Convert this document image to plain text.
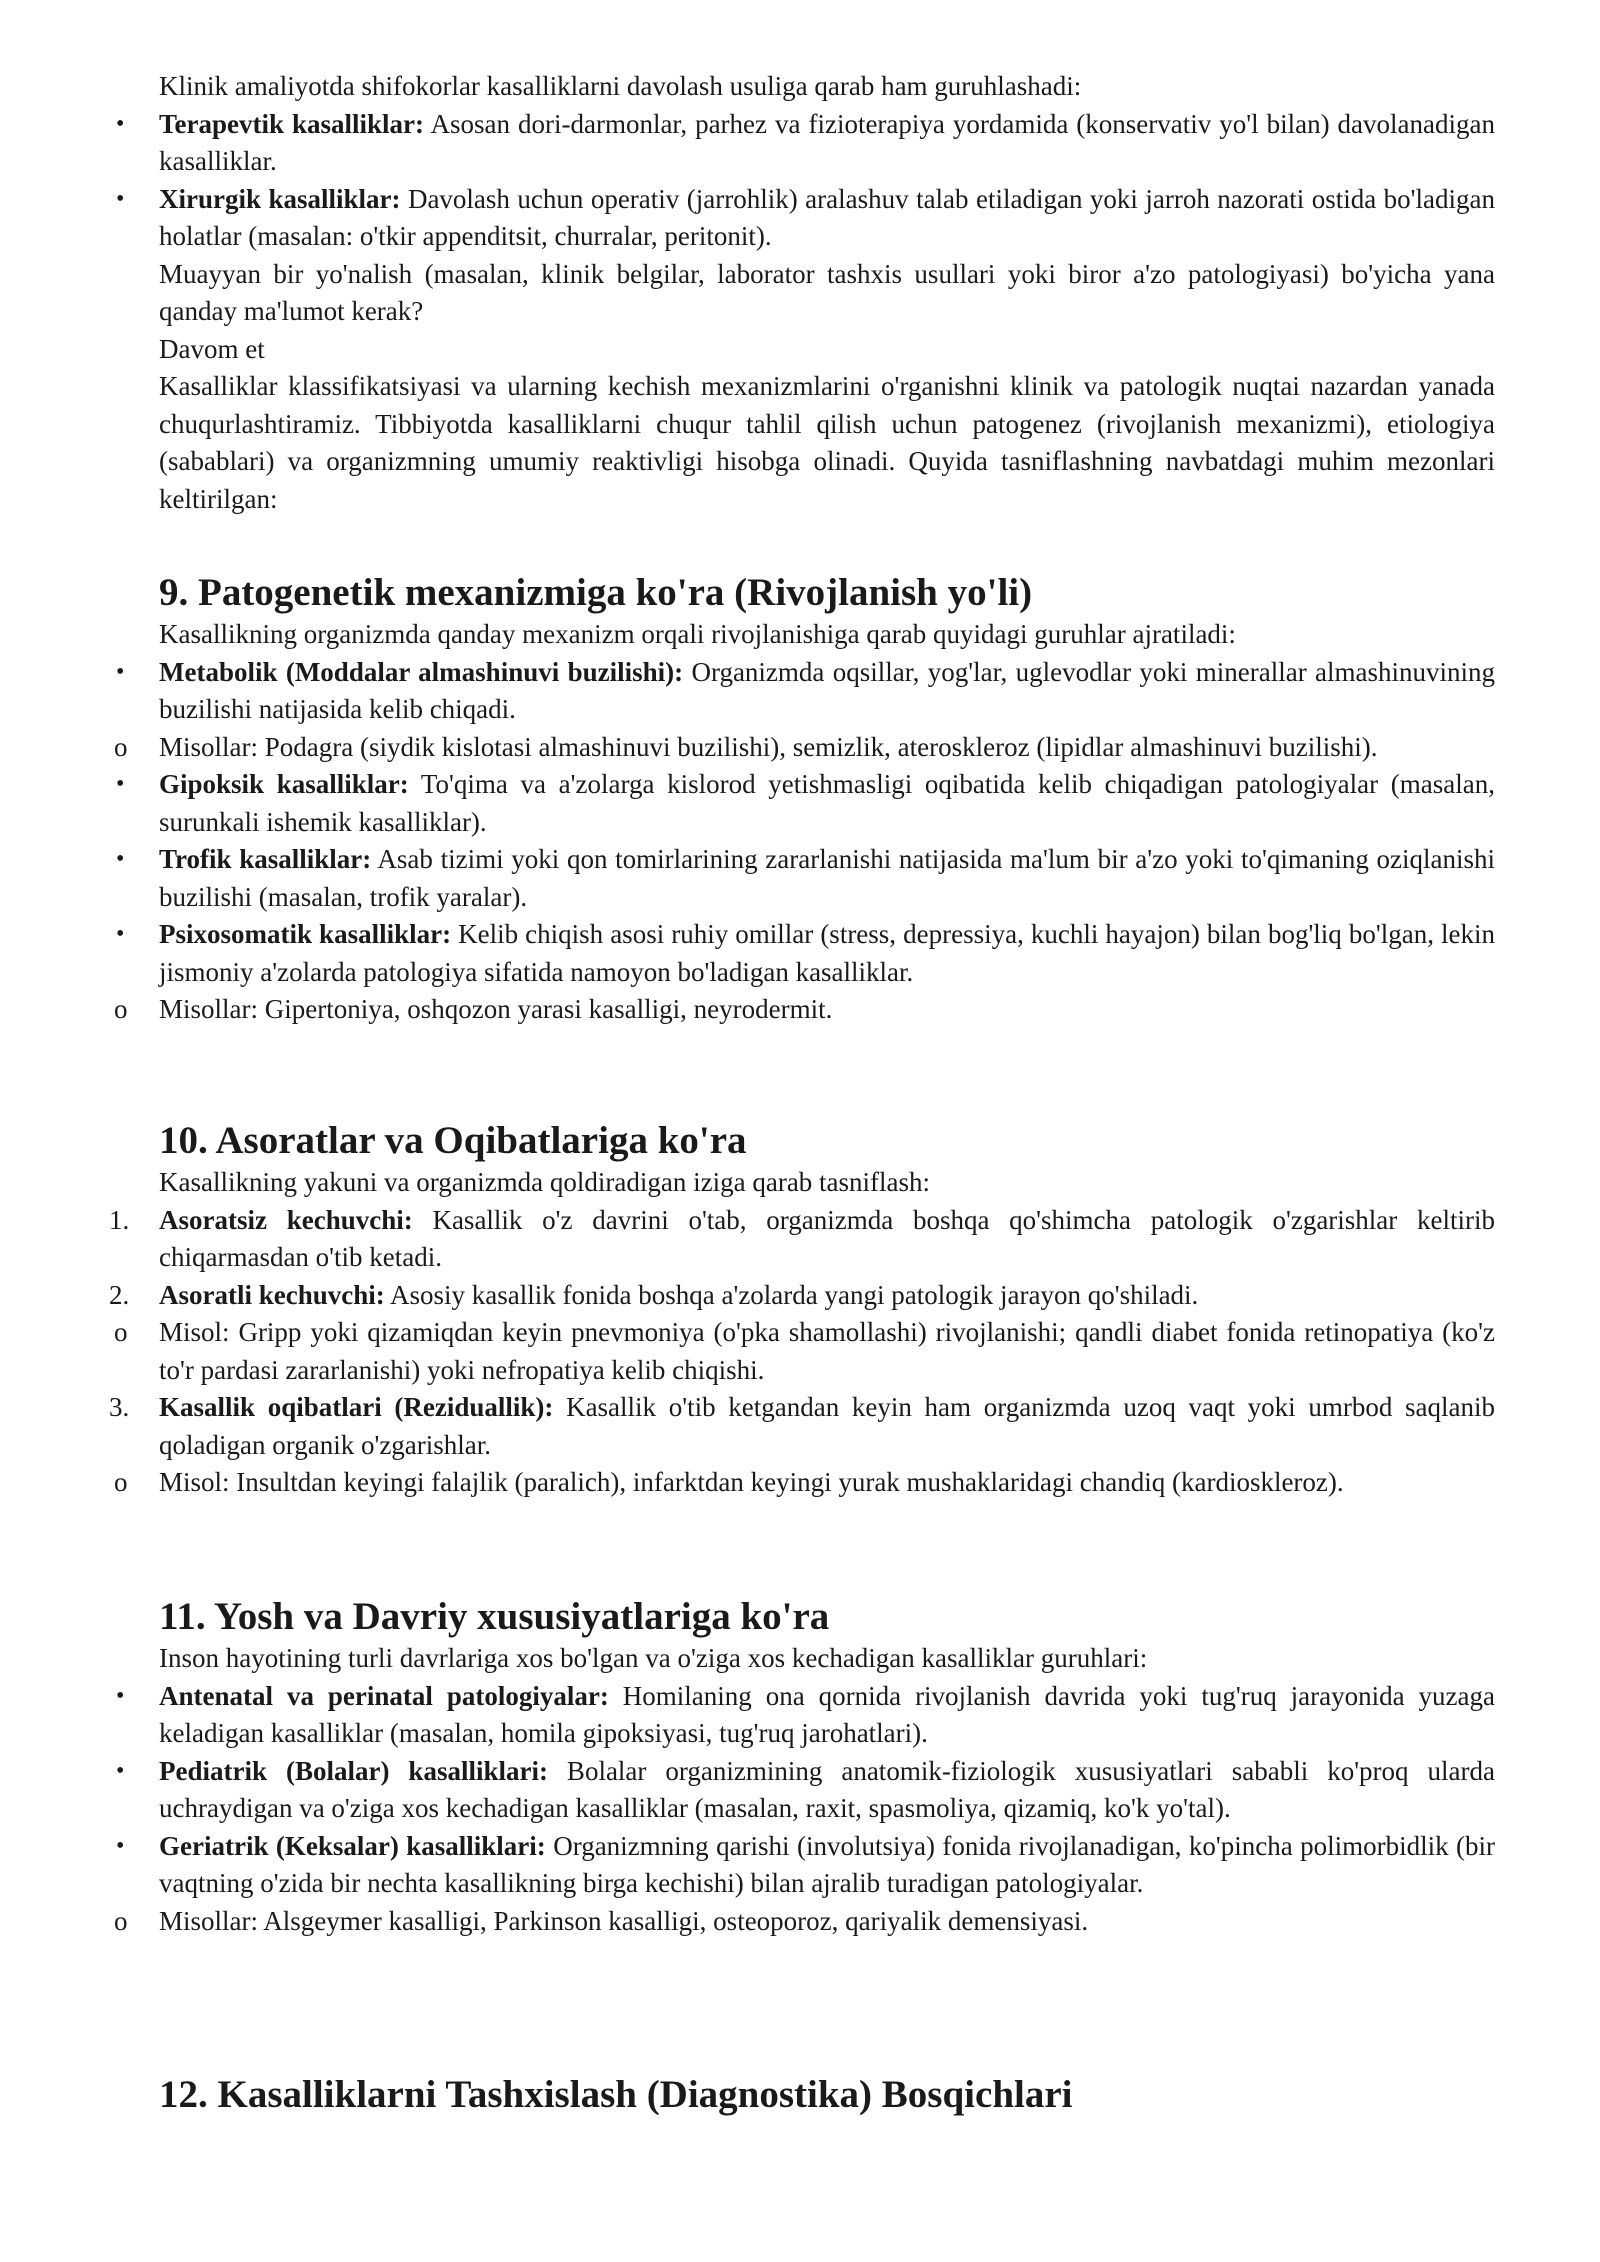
Klinik amaliyotda shifokorlar kasalliklarni davolash usuliga qarab ham guruhlashadi:

•	Terapevtik kasalliklar: Asosan dori-darmonlar, parhez va fizioterapiya yordamida (konservativ yo'l bilan) davolanadigan kasalliklar.

•	Xirurgik kasalliklar: Davolash uchun operativ (jarrohlik) aralashuv talab etiladigan yoki jarroh nazorati ostida bo'ladigan holatlar (masalan: o'tkir appenditsit, churralar, peritonit).

Muayyan bir yo'nalish (masalan, klinik belgilar, laborator tashxis usullari yoki biror a'zo patologiyasi) bo'yicha yana qanday ma'lumot kerak?

Davom et

Kasalliklar klassifikatsiyasi va ularning kechish mexanizmlarini o'rganishni klinik va patologik nuqtai nazardan yanada chuqurlashtiramiz. Tibbiyotda kasalliklarni chuqur tahlil qilish uchun patogenez (rivojlanish mexanizmi), etiologiya (sabablari) va organizmning umumiy reaktivligi hisobga olinadi. Quyida tasniflashning navbatdagi muhim mezonlari keltirilgan:

9. Patogenetik mexanizmiga ko'ra (Rivojlanish yo'li)

Kasallikning organizmda qanday mexanizm orqali rivojlanishiga qarab quyidagi guruhlar ajratiladi:

•	Metabolik (Moddalar almashinuvi buzilishi): Organizmda oqsillar, yog'lar, uglevodlar yoki minerallar almashinuvining buzilishi natijasida kelib chiqadi.

o	Misollar: Podagra (siydik kislotasi almashinuvi buzilishi), semizlik, ateroskleroz (lipidlar almashinuvi buzilishi).

•	Gipoksik kasalliklar: To'qima va a'zolarga kislorod yetishmasligi oqibatida kelib chiqadigan patologiyalar (masalan, surunkali ishemik kasalliklar).

•	Trofik kasalliklar: Asab tizimi yoki qon tomirlarining zararlanishi natijasida ma'lum bir a'zo yoki to'qimaning oziqlanishi buzilishi (masalan, trofik yaralar).

•	Psixosomatik kasalliklar: Kelib chiqish asosi ruhiy omillar (stress, depressiya, kuchli hayajon) bilan bog'liq bo'lgan, lekin jismoniy a'zolarda patologiya sifatida namoyon bo'ladigan kasalliklar.

o	Misollar: Gipertoniya, oshqozon yarasi kasalligi, neyrodermit.

10. Asoratlar va Oqibatlariga ko'ra

Kasallikning yakuni va organizmda qoldiradigan iziga qarab tasniflash:

1.	Asoratsiz kechuvchi: Kasallik o'z davrini o'tab, organizmda boshqa qo'shimcha patologik o'zgarishlar keltirib chiqarmasdan o'tib ketadi.

2.	Asoratli kechuvchi: Asosiy kasallik fonida boshqa a'zolarda yangi patologik jarayon qo'shiladi.

o	Misol: Gripp yoki qizamiqdan keyin pnevmoniya (o'pka shamollashi) rivojlanishi; qandli diabet fonida retinopatiya (ko'z to'r pardasi zararlanishi) yoki nefropatiya kelib chiqishi.

3.	Kasallik oqibatlari (Reziduallik): Kasallik o'tib ketgandan keyin ham organizmda uzoq vaqt yoki umrbod saqlanib qoladigan organik o'zgarishlar.

o	Misol: Insultdan keyingi falajlik (paralich), infarktdan keyingi yurak mushaklaridagi chandiq (kardioskleroz).

11. Yosh va Davriy xususiyatlariga ko'ra

Inson hayotining turli davrlariga xos bo'lgan va o'ziga xos kechadigan kasalliklar guruhlari:

•	Antenatal va perinatal patologiyalar: Homilaning ona qornida rivojlanish davrida yoki tug'ruq jarayonida yuzaga keladigan kasalliklar (masalan, homila gipoksiyasi, tug'ruq jarohatlari).

•	Pediatrik (Bolalar) kasalliklari: Bolalar organizmining anatomik-fiziologik xususiyatlari sababli ko'proq ularda uchraydigan va o'ziga xos kechadigan kasalliklar (masalan, raxit, spasmoliya, qizamiq, ko'k yo'tal).

•	Geriatrik (Keksalar) kasalliklari: Organizmning qarishi (involutsiya) fonida rivojlanadigan, ko'pincha polimorbidlik (bir vaqtning o'zida bir nechta kasallikning birga kechishi) bilan ajralib turadigan patologiyalar.

o	Misollar: Alsgeymer kasalligi, Parkinson kasalligi, osteoporoz, qariyalik demensiyasi.

12. Kasalliklarni Tashxislash (Diagnostika) Bosqichlari
